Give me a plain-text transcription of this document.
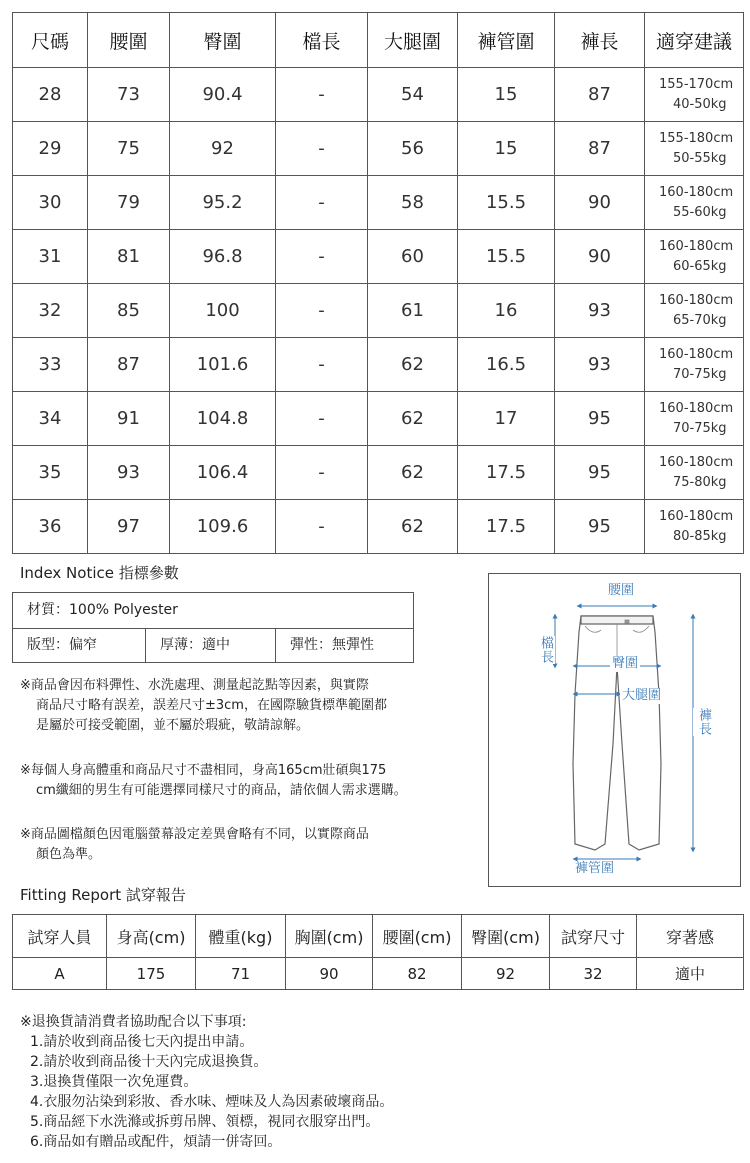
尺碼	腰圍	臀圍	檔長	大腿圍	褲管圍	褲長	適穿建議
28	73	90.4	-	54	15	87	155-170cm
40-50kg

29	75	92	-	56	15	87	155-180cm
50-55kg

30	79	95.2	-	58	15.5	90	160-180cm
55-60kg

31	81	96.8	-	60	15.5	90	160-180cm
60-65kg

32	85	100	-	61	16	93	160-180cm
65-70kg

33	87	101.6	-	62	16.5	93	160-180cm
70-75kg

34	91	104.8	-	62	17	95	160-180cm
70-75kg

35	93	106.4	-	62	17.5	95	160-180cm
75-80kg

36	97	109.6	-	62	17.5	95	160-180cm
80-85kg
Index Notice 指標參數
材質：100% Polyester
版型：偏窄	厚薄：適中	彈性：無彈性

※商品會因布料彈性、水洗處理、測量起訖點等因素，與實際

商品尺寸略有誤差，誤差尺寸±3cm，在國際驗貨標準範圍都

是屬於可接受範圍，並不屬於瑕疵，敬請諒解。

※每個人身高體重和商品尺寸不盡相同，身高165cm壯碩與175

cm纖細的男生有可能選擇同樣尺寸的商品，請依個人需求選購。

※商品圖檔顏色因電腦螢幕設定差異會略有不同，以實際商品

顏色為準。

腰圍
檔長	臀圍
大腿圍
褲長
褲管圍
Fitting Report 試穿報告
試穿人員	身高(cm)	體重(kg)	胸圍(cm)	腰圍(cm)	臀圍(cm)	試穿尺寸	穿著感
A	175	71	90	82	92	32	適中
※退換貨請消費者協助配合以下事項:
1.請於收到商品後七天內提出申請。
2.請於收到商品後十天內完成退換貨。
3.退換貨僅限一次免運費。
4.衣服勿沾染到彩妝、香水味、煙味及人為因素破壞商品。
5.商品經下水洗滌或拆剪吊牌、領標，視同衣服穿出門。
6.商品如有贈品或配件，煩請一併寄回。
